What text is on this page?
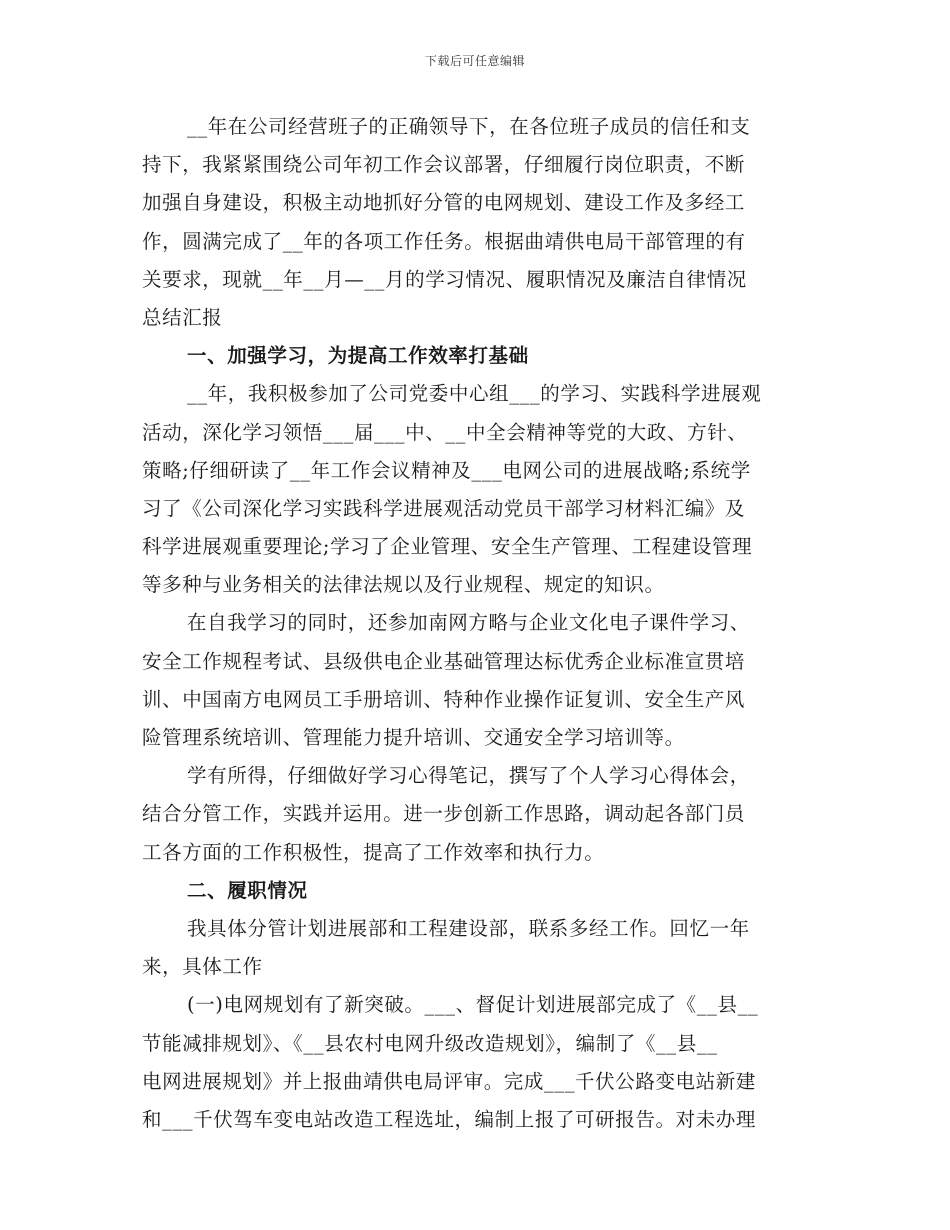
下载后可任意编辑
__年在公司经营班子的正确领导下，在各位班子成员的信任和支
持下，我紧紧围绕公司年初工作会议部署，仔细履行岗位职责，不断
加强自身建设，积极主动地抓好分管的电网规划、建设工作及多经工
作，圆满完成了__年的各项工作任务。根据曲靖供电局干部管理的有
关要求，现就__年__月—__月的学习情况、履职情况及廉洁自律情况
总结汇报
一、加强学习，为提高工作效率打基础
__年，我积极参加了公司党委中心组___的学习、实践科学进展观
活动，深化学习领悟___届___中、__中全会精神等党的大政、方针、
策略;仔细研读了__年工作会议精神及___电网公司的进展战略;系统学
习了《公司深化学习实践科学进展观活动党员干部学习材料汇编》及
科学进展观重要理论;学习了企业管理、安全生产管理、工程建设管理
等多种与业务相关的法律法规以及行业规程、规定的知识。
在自我学习的同时，还参加南网方略与企业文化电子课件学习、
安全工作规程考试、县级供电企业基础管理达标优秀企业标准宣贯培
训、中国南方电网员工手册培训、特种作业操作证复训、安全生产风
险管理系统培训、管理能力提升培训、交通安全学习培训等。
学有所得，仔细做好学习心得笔记，撰写了个人学习心得体会，
结合分管工作，实践并运用。进一步创新工作思路，调动起各部门员
工各方面的工作积极性，提高了工作效率和执行力。
二、履职情况
我具体分管计划进展部和工程建设部，联系多经工作。回忆一年
来，具体工作
(一)电网规划有了新突破。___、督促计划进展部完成了《__县__
节能减排规划》、《__县农村电网升级改造规划》，编制了《__县__
电网进展规划》并上报曲靖供电局评审。完成___千伏公路变电站新建
和___千伏驾车变电站改造工程选址，编制上报了可研报告。对未办理
